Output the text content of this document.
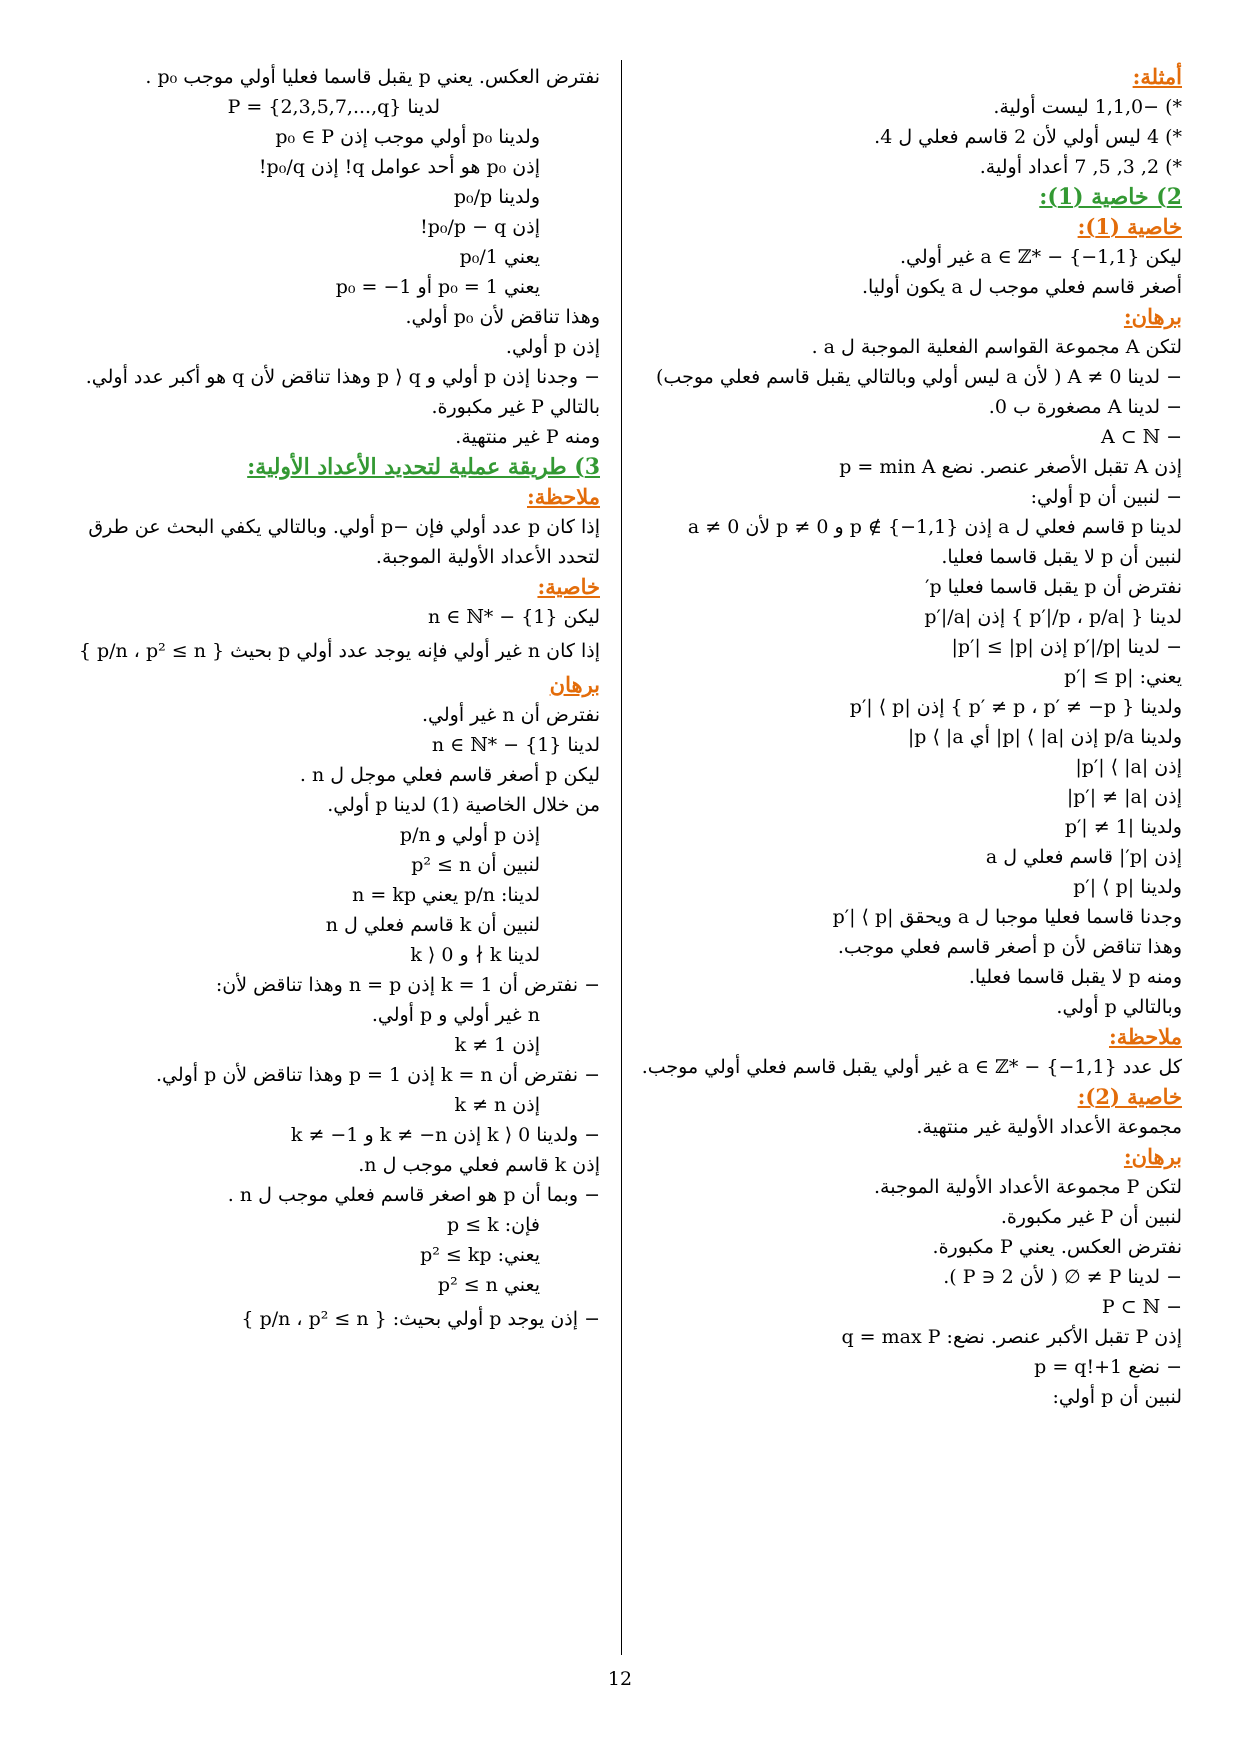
أمثلة:
*) −1,1,0 ليست أولية.
*) 4 ليس أولي لأن 2 قاسم فعلي ل 4.
*) 2, 3, 5, 7 أعداد أولية.
2) خاصية (1):
خاصية (1):
ليكن a ∈ ℤ* − {−1,1} غير أولي.
أصغر قاسم فعلي موجب ل a يكون أوليا.
برهان:
لتكن A مجموعة القواسم الفعلية الموجبة ل a .
− لدينا A ≠ 0 ( لأن a ليس أولي وبالتالي يقبل قاسم فعلي موجب)
− لدينا A مصغورة ب 0.
− A ⊂ ℕ
إذن A تقبل الأصغر عنصر. نضع p = min A
− لنبين أن p أولي:
لدينا p قاسم فعلي ل a إذن p ∉ {−1,1} و p ≠ 0 لأن a ≠ 0
لنبين أن p لا يقبل قاسما فعليا.
نفترض أن p يقبل قاسما فعليا p′
لدينا { |p′|/p ، p/a } إذن |p′|/a
− لدينا |p′|/p إذن |p′| ≤ |p|
يعني: |p′| ≤ p
ولدينا { p′ ≠ p ، p′ ≠ −p } إذن |p′| ⟨ p
ولدينا p/a إذن |p| ⟨ |a| أي p ⟨ |a|
إذن |p′| ⟨ |a|
إذن |p′| ≠ |a|
ولدينا |p′| ≠ 1
إذن |p′| قاسم فعلي ل a
ولدينا |p′| ⟨ p
وجدنا قاسما فعليا موجبا ل a ويحقق |p′| ⟨ p
وهذا تناقض لأن p أصغر قاسم فعلي موجب.
ومنه p لا يقبل قاسما فعليا.
وبالتالي p أولي.
ملاحظة:
كل عدد a ∈ ℤ* − {−1,1} غير أولي يقبل قاسم فعلي أولي موجب.
خاصية (2):
مجموعة الأعداد الأولية غير منتهية.
برهان:
لتكن P مجموعة الأعداد الأولية الموجبة.
لنبين أن P غير مكبورة.
نفترض العكس. يعني P مكبورة.
− لدينا P ≠ ∅ ( لأن 2 ∈ P ).
− P ⊂ ℕ
إذن P تقبل الأكبر عنصر. نضع: q = max P
− نضع p = q!+1
لنبين أن p أولي:
نفترض العكس. يعني p يقبل قاسما فعليا أولي موجب p₀ .
لدينا P = {2,3,5,7,...,q}
ولدينا p₀ أولي موجب إذن p₀ ∈ P
إذن p₀ هو أحد عوامل q! إذن p₀/q!
ولدينا p₀/p
إذن p₀/p − q!
يعني p₀/1
يعني p₀ = 1 أو p₀ = −1
وهذا تناقض لأن p₀ أولي.
إذن p أولي.
− وجدنا إذن p أولي و p ⟩ q وهذا تناقض لأن q هو أكبر عدد أولي.
بالتالي P غير مكبورة.
ومنه P غير منتهية.
3) طريقة عملية لتحديد الأعداد الأولية:
ملاحظة:
إذا كان p عدد أولي فإن −p أولي. وبالتالي يكفي البحث عن طرق لتحدد الأعداد الأولية الموجبة.
خاصية:
ليكن n ∈ ℕ* − {1}
إذا كان n غير أولي فإنه يوجد عدد أولي p بحيث { p/n ، p² ≤ n }
برهان
نفترض أن n غير أولي.
لدينا n ∈ ℕ* − {1}
ليكن p أصغر قاسم فعلي موجل ل n .
من خلال الخاصية (1) لدينا p أولي.
إذن p أولي و p/n
لنبين أن p² ≤ n
لدينا: p/n يعني n = kp
لنبين أن k قاسم فعلي ل n
لدينا k ∤ و k ⟩ 0
− نفترض أن k = 1 إذن n = p وهذا تناقض لأن:
n غير أولي و p أولي.
إذن k ≠ 1
− نفترض أن k = n إذن p = 1 وهذا تناقض لأن p أولي.
إذن k ≠ n
− ولدينا k ⟩ 0 إذن k ≠ −n و k ≠ −1
إذن k قاسم فعلي موجب ل n.
− وبما أن p هو اصغر قاسم فعلي موجب ل n .
فإن: p ≤ k
يعني: p² ≤ kp
يعني p² ≤ n
− إذن يوجد p أولي بحيث: { p/n ، p² ≤ n }
12
